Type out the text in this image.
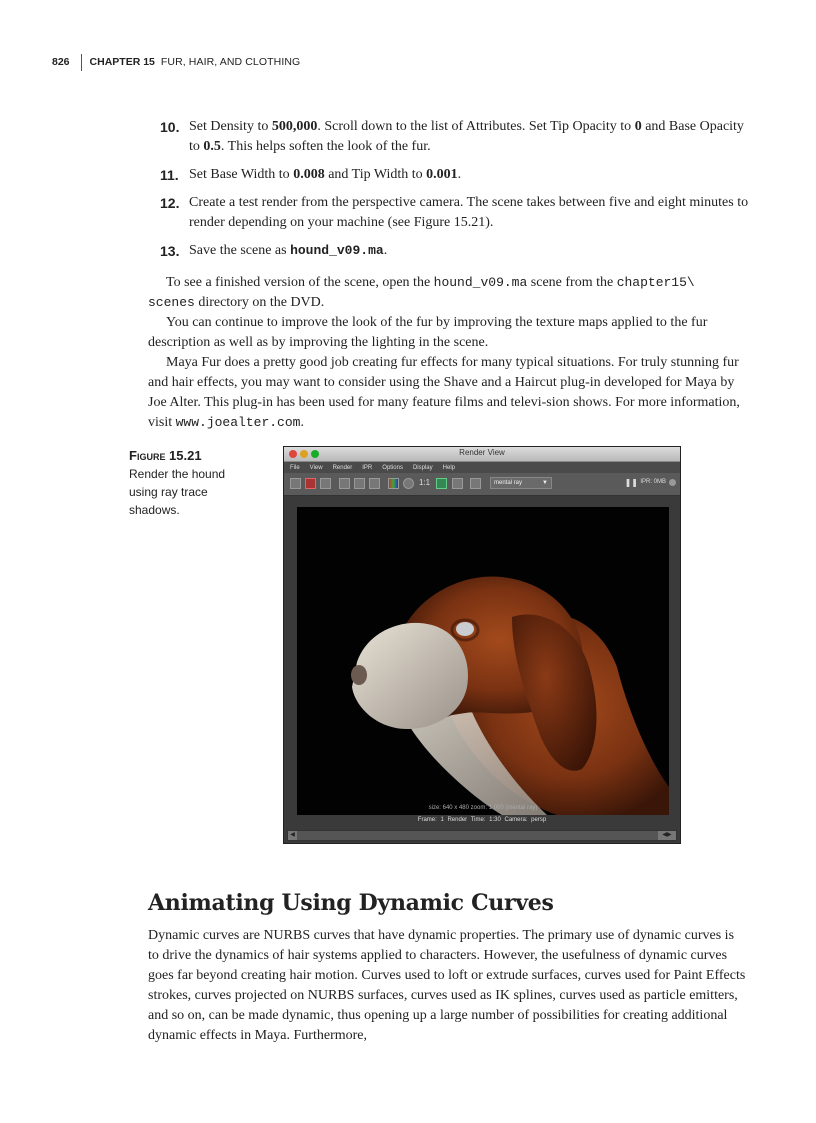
826 CHAPTER 15 FUR, HAIR, AND CLOTHING
10. Set Density to 500,000. Scroll down to the list of Attributes. Set Tip Opacity to 0 and Base Opacity to 0.5. This helps soften the look of the fur.
11. Set Base Width to 0.008 and Tip Width to 0.001.
12. Create a test render from the perspective camera. The scene takes between five and eight minutes to render depending on your machine (see Figure 15.21).
13. Save the scene as hound_v09.ma.

To see a finished version of the scene, open the hound_v09.ma scene from the chapter15\ scenes directory on the DVD.

You can continue to improve the look of the fur by improving the texture maps applied to the fur description as well as by improving the lighting in the scene.

Maya Fur does a pretty good job creating fur effects for many typical situations. For truly stunning fur and hair effects, you may want to consider using the Shave and a Haircut plug-in developed for Maya by Joe Alter. This plug-in has been used for many feature films and televi-sion shows. For more information, visit www.joealter.com.

Figure 15.21
Render the hound using ray trace shadows.
Render View
File View Render IPR Options Display Help
1:1	mental ray	▼	❚❚ IPR: 0MB
size: 640 x 480 zoom: 1.000 (mental ray)
Frame: 1 Render Time: 1:30 Camera: persp
◀	◀▶
Animating Using Dynamic Curves

Dynamic curves are NURBS curves that have dynamic properties. The primary use of dynamic curves is to drive the dynamics of hair systems applied to characters. However, the usefulness of dynamic curves goes far beyond creating hair motion. Curves used to loft or extrude surfaces, curves used for Paint Effects strokes, curves projected on NURBS surfaces, curves used as IK splines, curves used as particle emitters, and so on, can be made dynamic, thus opening up a large number of possibilities for creating additional dynamic effects in Maya. Furthermore,
